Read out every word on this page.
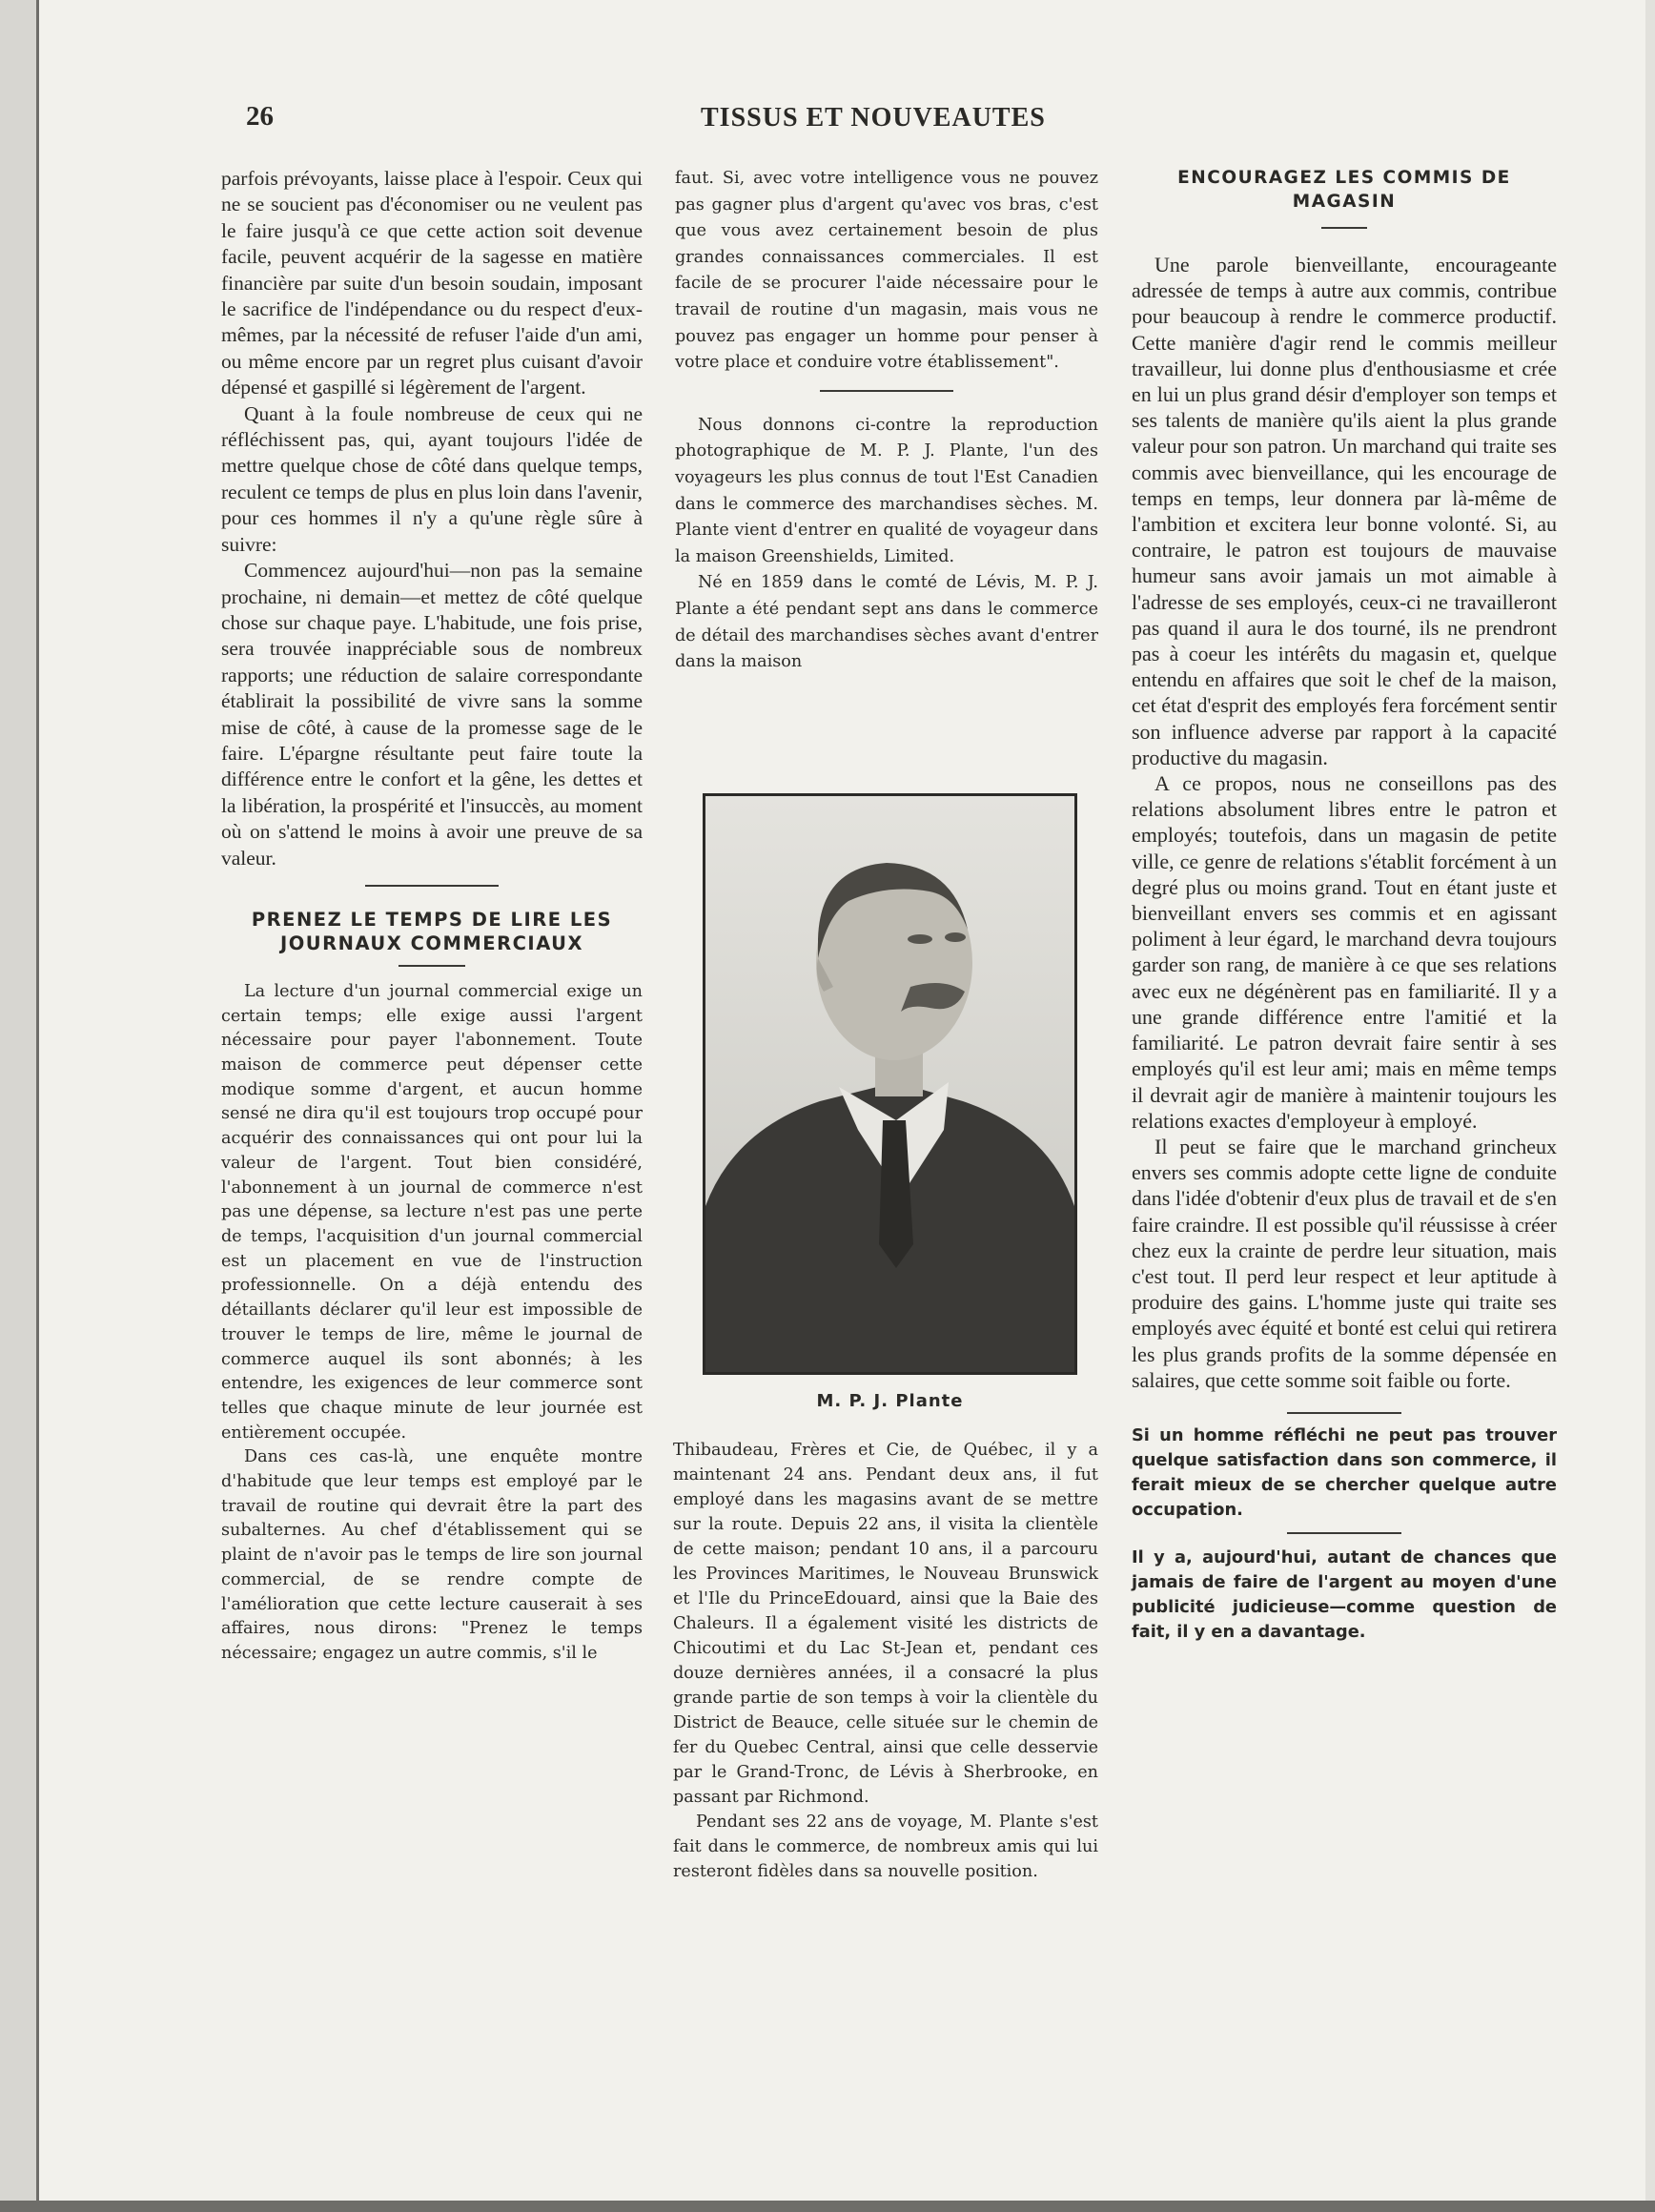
26	TISSUS ET NOUVEAUTES

parfois prévoyants, laisse place à l'espoir. Ceux qui ne se soucient pas d'économiser ou ne veulent pas le faire jusqu'à ce que cette action soit devenue facile, peuvent acquérir de la sagesse en matière financière par suite d'un besoin soudain, imposant le sacrifice de l'indépendance ou du respect d'eux-mêmes, par la nécessité de refuser l'aide d'un ami, ou même encore par un regret plus cuisant d'avoir dépensé et gaspillé si légèrement de l'argent.

Quant à la foule nombreuse de ceux qui ne réfléchissent pas, qui, ayant toujours l'idée de mettre quelque chose de côté dans quelque temps, reculent ce temps de plus en plus loin dans l'avenir, pour ces hommes il n'y a qu'une règle sûre à suivre:

Commencez aujourd'hui—non pas la semaine prochaine, ni demain—et mettez de côté quelque chose sur chaque paye. L'habitude, une fois prise, sera trouvée inappréciable sous de nombreux rapports; une réduction de salaire correspondante établirait la possibilité de vivre sans la somme mise de côté, à cause de la promesse sage de le faire. L'épargne résultante peut faire toute la différence entre le confort et la gêne, les dettes et la libération, la prospérité et l'insuccès, au moment où on s'attend le moins à avoir une preuve de sa valeur.

PRENEZ LE TEMPS DE LIRE LES JOURNAUX COMMERCIAUX

La lecture d'un journal commercial exige un certain temps; elle exige aussi l'argent nécessaire pour payer l'abonnement. Toute maison de commerce peut dépenser cette modique somme d'argent, et aucun homme sensé ne dira qu'il est toujours trop occupé pour acquérir des connaissances qui ont pour lui la valeur de l'argent. Tout bien considéré, l'abonnement à un journal de commerce n'est pas une dépense, sa lecture n'est pas une perte de temps, l'acquisition d'un journal commercial est un placement en vue de l'instruction professionnelle. On a déjà entendu des détaillants déclarer qu'il leur est impossible de trouver le temps de lire, même le journal de commerce auquel ils sont abonnés; à les entendre, les exigences de leur commerce sont telles que chaque minute de leur journée est entièrement occupée.

Dans ces cas-là, une enquête montre d'habitude que leur temps est employé par le travail de routine qui devrait être la part des subalternes. Au chef d'établissement qui se plaint de n'avoir pas le temps de lire son journal commercial, de se rendre compte de l'amélioration que cette lecture causerait à ses affaires, nous dirons: "Prenez le temps nécessaire; engagez un autre commis, s'il le

faut. Si, avec votre intelligence vous ne pouvez pas gagner plus d'argent qu'avec vos bras, c'est que vous avez certainement besoin de plus grandes connaissances commerciales. Il est facile de se procurer l'aide nécessaire pour le travail de routine d'un magasin, mais vous ne pouvez pas engager un homme pour penser à votre place et conduire votre établissement".

Nous donnons ci-contre la reproduction photographique de M. P. J. Plante, l'un des voyageurs les plus connus de tout l'Est Canadien dans le commerce des marchandises sèches. M. Plante vient d'entrer en qualité de voyageur dans la maison Greenshields, Limited.

Né en 1859 dans le comté de Lévis, M. P. J. Plante a été pendant sept ans dans le commerce de détail des marchandises sèches avant d'entrer dans la maison

M. P. J. Plante

Thibaudeau, Frères et Cie, de Québec, il y a maintenant 24 ans. Pendant deux ans, il fut employé dans les magasins avant de se mettre sur la route. Depuis 22 ans, il visita la clientèle de cette maison; pendant 10 ans, il a parcouru les Provinces Maritimes, le Nouveau Brunswick et l'Ile du PrinceEdouard, ainsi que la Baie des Chaleurs. Il a également visité les districts de Chicoutimi et du Lac St-Jean et, pendant ces douze dernières années, il a consacré la plus grande partie de son temps à voir la clientèle du District de Beauce, celle située sur le chemin de fer du Quebec Central, ainsi que celle desservie par le Grand-Tronc, de Lévis à Sherbrooke, en passant par Richmond.

Pendant ses 22 ans de voyage, M. Plante s'est fait dans le commerce, de nombreux amis qui lui resteront fidèles dans sa nouvelle position.

ENCOURAGEZ LES COMMIS DE MAGASIN

Une parole bienveillante, encourageante adressée de temps à autre aux commis, contribue pour beaucoup à rendre le commerce productif. Cette manière d'agir rend le commis meilleur travailleur, lui donne plus d'enthousiasme et crée en lui un plus grand désir d'employer son temps et ses talents de manière qu'ils aient la plus grande valeur pour son patron. Un marchand qui traite ses commis avec bienveillance, qui les encourage de temps en temps, leur donnera par là-même de l'ambition et excitera leur bonne volonté. Si, au contraire, le patron est toujours de mauvaise humeur sans avoir jamais un mot aimable à l'adresse de ses employés, ceux-ci ne travailleront pas quand il aura le dos tourné, ils ne prendront pas à coeur les intérêts du magasin et, quelque entendu en affaires que soit le chef de la maison, cet état d'esprit des employés fera forcément sentir son influence adverse par rapport à la capacité productive du magasin.

A ce propos, nous ne conseillons pas des relations absolument libres entre le patron et employés; toutefois, dans un magasin de petite ville, ce genre de relations s'établit forcément à un degré plus ou moins grand. Tout en étant juste et bienveillant envers ses commis et en agissant poliment à leur égard, le marchand devra toujours garder son rang, de manière à ce que ses relations avec eux ne dégénèrent pas en familiarité. Il y a une grande différence entre l'amitié et la familiarité. Le patron devrait faire sentir à ses employés qu'il est leur ami; mais en même temps il devrait agir de manière à maintenir toujours les relations exactes d'employeur à employé.

Il peut se faire que le marchand grincheux envers ses commis adopte cette ligne de conduite dans l'idée d'obtenir d'eux plus de travail et de s'en faire craindre. Il est possible qu'il réussisse à créer chez eux la crainte de perdre leur situation, mais c'est tout. Il perd leur respect et leur aptitude à produire des gains. L'homme juste qui traite ses employés avec équité et bonté est celui qui retirera les plus grands profits de la somme dépensée en salaires, que cette somme soit faible ou forte.

Si un homme réfléchi ne peut pas trouver quelque satisfaction dans son commerce, il ferait mieux de se chercher quelque autre occupation.

Il y a, aujourd'hui, autant de chances que jamais de faire de l'argent au moyen d'une publicité judicieuse—comme question de fait, il y en a davantage.
